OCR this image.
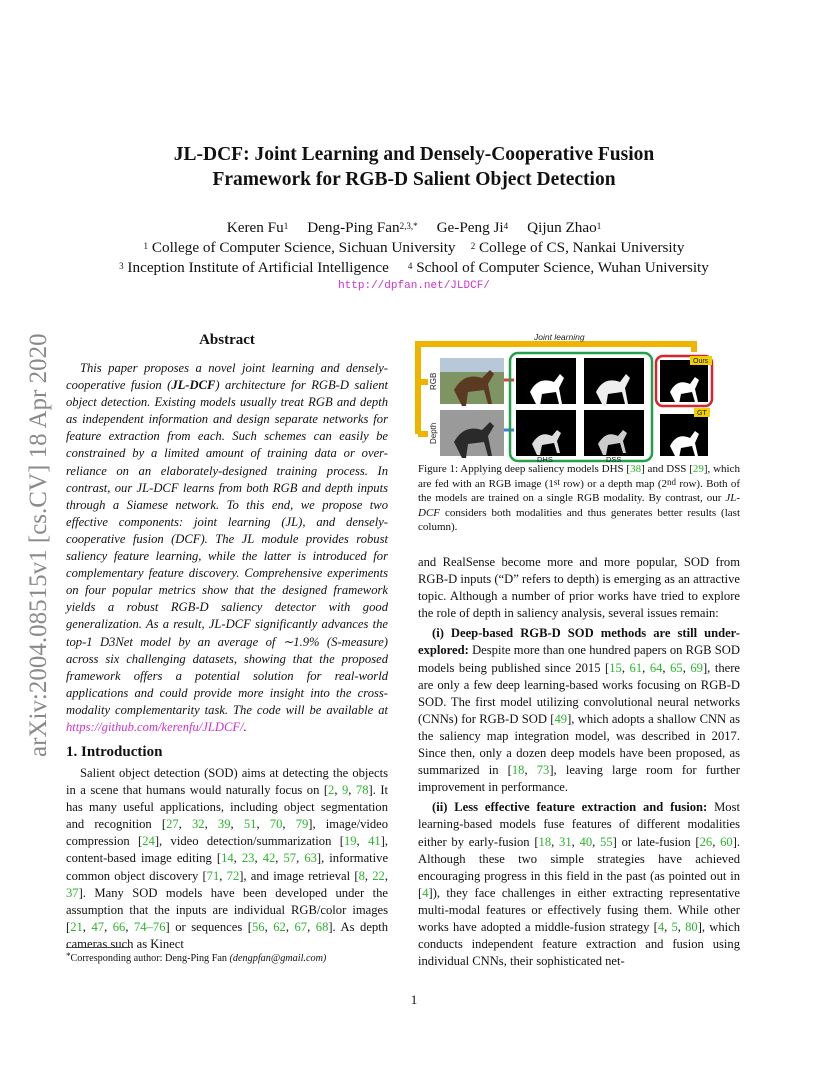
arXiv:2004.08515v1 [cs.CV] 18 Apr 2020
JL-DCF: Joint Learning and Densely-Cooperative Fusion
Framework for RGB-D Salient Object Detection
Keren Fu$^1$ Deng-Ping Fan$^{2,3,*}$ Ge-Peng Ji$^4$ Qijun Zhao$^1$
$^1$ College of Computer Science, Sichuan University $^2$ College of CS, Nankai University
$^3$ Inception Institute of Artificial Intelligence $^4$ School of Computer Science, Wuhan University
http://dpfan.net/JLDCF/
Abstract

This paper proposes a novel joint learning and densely-cooperative fusion (JL-DCF) architecture for RGB-D salient object detection. Existing models usually treat RGB and depth as independent information and design separate networks for feature extraction from each. Such schemes can easily be constrained by a limited amount of training data or over-reliance on an elaborately-designed training process. In contrast, our JL-DCF learns from both RGB and depth inputs through a Siamese network. To this end, we propose two effective components: joint learning (JL), and densely-cooperative fusion (DCF). The JL module provides robust saliency feature learning, while the latter is introduced for complementary feature discovery. Comprehensive experiments on four popular metrics show that the designed framework yields a robust RGB-D saliency detector with good generalization. As a result, JL-DCF significantly advances the top-1 D3Net model by an average of ∼1.9% (S-measure) across six challenging datasets, showing that the proposed framework offers a potential solution for real-world applications and could provide more insight into the cross-modality complementarity task. The code will be available at https://github.com/kerenfu/JLDCF/.

1. Introduction

Salient object detection (SOD) aims at detecting the objects in a scene that humans would naturally focus on [2, 9, 78]. It has many useful applications, including object segmentation and recognition [27, 32, 39, 51, 70, 79], image/video compression [24], video detection/summarization [19, 41], content-based image editing [14, 23, 42, 57, 63], informative common object discovery [71, 72], and image retrieval [8, 22, 37]. Many SOD models have been developed under the assumption that the inputs are individual RGB/color images [21, 47, 66, 74–76] or sequences [56, 62, 67, 68]. As depth cameras such as Kinect

*Corresponding author: Deng-Ping Fan (dengpfan@gmail.com)
Joint learning
RGB
Depth
DHS	DSS
Ours
GT
Figure 1: Applying deep saliency models DHS [38] and DSS [29], which are fed with an RGB image (1st row) or a depth map (2nd row). Both of the models are trained on a single RGB modality. By contrast, our JL-DCF considers both modalities and thus generates better results (last column).

and RealSense become more and more popular, SOD from RGB-D inputs (“D” refers to depth) is emerging as an attractive topic. Although a number of prior works have tried to explore the role of depth in saliency analysis, several issues remain:

(i) Deep-based RGB-D SOD methods are still under-explored: Despite more than one hundred papers on RGB SOD models being published since 2015 [15, 61, 64, 65, 69], there are only a few deep learning-based works focusing on RGB-D SOD. The first model utilizing convolutional neural networks (CNNs) for RGB-D SOD [49], which adopts a shallow CNN as the saliency map integration model, was described in 2017. Since then, only a dozen deep models have been proposed, as summarized in [18, 73], leaving large room for further improvement in performance.

(ii) Less effective feature extraction and fusion: Most learning-based models fuse features of different modalities either by early-fusion [18, 31, 40, 55] or late-fusion [26, 60]. Although these two simple strategies have achieved encouraging progress in this field in the past (as pointed out in [4]), they face challenges in either extracting representative multi-modal features or effectively fusing them. While other works have adopted a middle-fusion strategy [4, 5, 80], which conducts independent feature extraction and fusion using individual CNNs, their sophisticated net-

1
